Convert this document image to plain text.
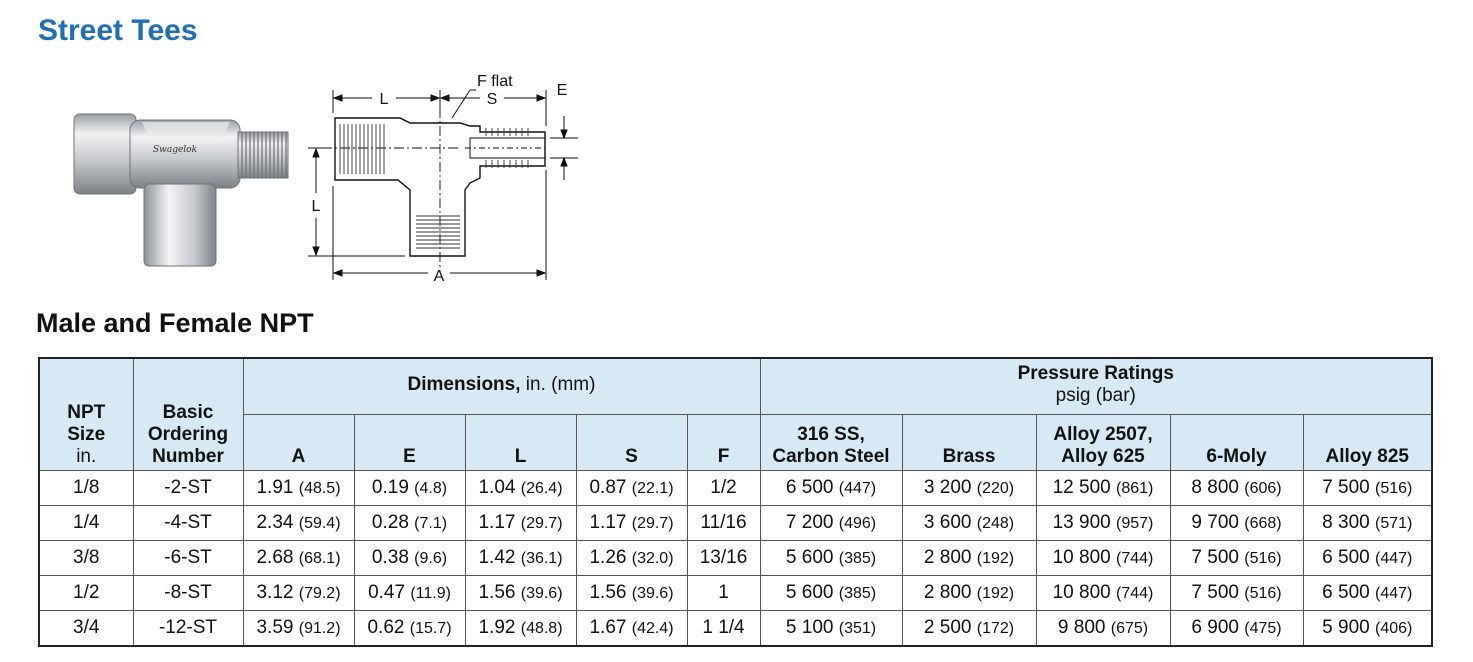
Street Tees
Swagelok
L
F flat
S
E
L
A
Male and Female NPT
NPT
Size
in.	Basic
Ordering
Number	Dimensions, in. (mm)					Pressure Ratings
psig (bar)				
		A	E	L	S	F	316 SS,
Carbon Steel	Brass	Alloy 2507,
Alloy 625	6-Moly	Alloy 825
1/8	-2-ST	1.91 (48.5)	0.19 (4.8)	1.04 (26.4)	0.87 (22.1)	1/2	6 500 (447)	3 200 (220)	12 500 (861)	8 800 (606)	7 500 (516)
1/4	-4-ST	2.34 (59.4)	0.28 (7.1)	1.17 (29.7)	1.17 (29.7)	11/16	7 200 (496)	3 600 (248)	13 900 (957)	9 700 (668)	8 300 (571)
3/8	-6-ST	2.68 (68.1)	0.38 (9.6)	1.42 (36.1)	1.26 (32.0)	13/16	5 600 (385)	2 800 (192)	10 800 (744)	7 500 (516)	6 500 (447)
1/2	-8-ST	3.12 (79.2)	0.47 (11.9)	1.56 (39.6)	1.56 (39.6)	1	5 600 (385)	2 800 (192)	10 800 (744)	7 500 (516)	6 500 (447)
3/4	-12-ST	3.59 (91.2)	0.62 (15.7)	1.92 (48.8)	1.67 (42.4)	1 1/4	5 100 (351)	2 500 (172)	9 800 (675)	6 900 (475)	5 900 (406)
